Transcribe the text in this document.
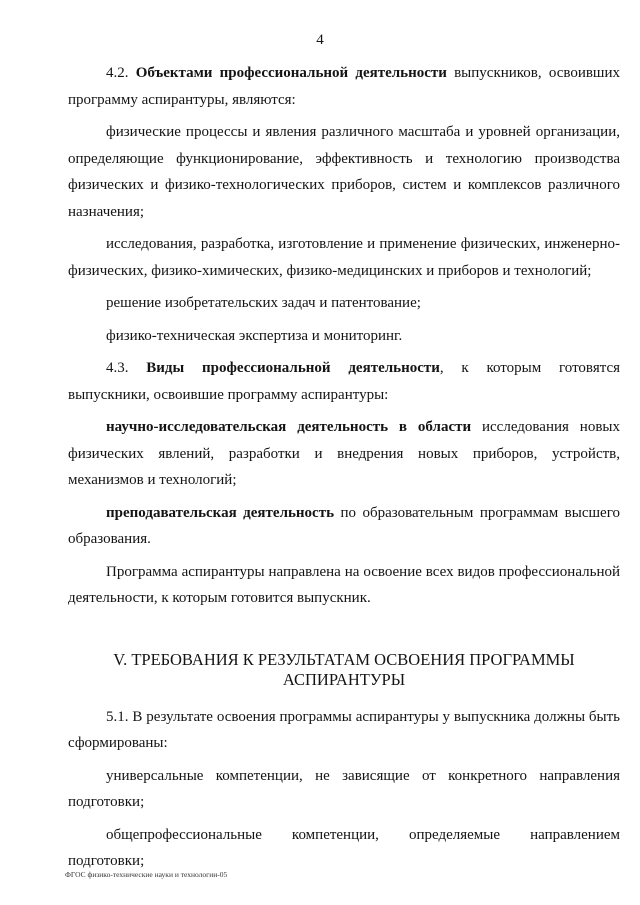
4

4.2. Объектами профессиональной деятельности выпускников, освоивших программу аспирантуры, являются:

физические процессы и явления различного масштаба и уровней организации, определяющие функционирование, эффективность и технологию производства физических и физико-технологических приборов, систем и комплексов различного назначения;

исследования, разработка, изготовление и применение физических, инженерно-физических, физико-химических, физико-медицинских и приборов и технологий;

решение изобретательских задач и патентование;

физико-техническая экспертиза и мониторинг.

4.3. Виды профессиональной деятельности, к которым готовятся выпускники, освоившие программу аспирантуры:

научно-исследовательская деятельность в области исследования новых физических явлений, разработки и внедрения новых приборов, устройств, механизмов и технологий;

преподавательская деятельность по образовательным программам высшего образования.

Программа аспирантуры направлена на освоение всех видов профессиональной деятельности, к которым готовится выпускник.

V. ТРЕБОВАНИЯ К РЕЗУЛЬТАТАМ ОСВОЕНИЯ ПРОГРАММЫ
АСПИРАНТУРЫ

5.1. В результате освоения программы аспирантуры у выпускника должны быть сформированы:

универсальные компетенции, не зависящие от конкретного направления подготовки;

общепрофессиональные компетенции, определяемые направлением подготовки;

ФГОС физико-технические науки и технологии-05
